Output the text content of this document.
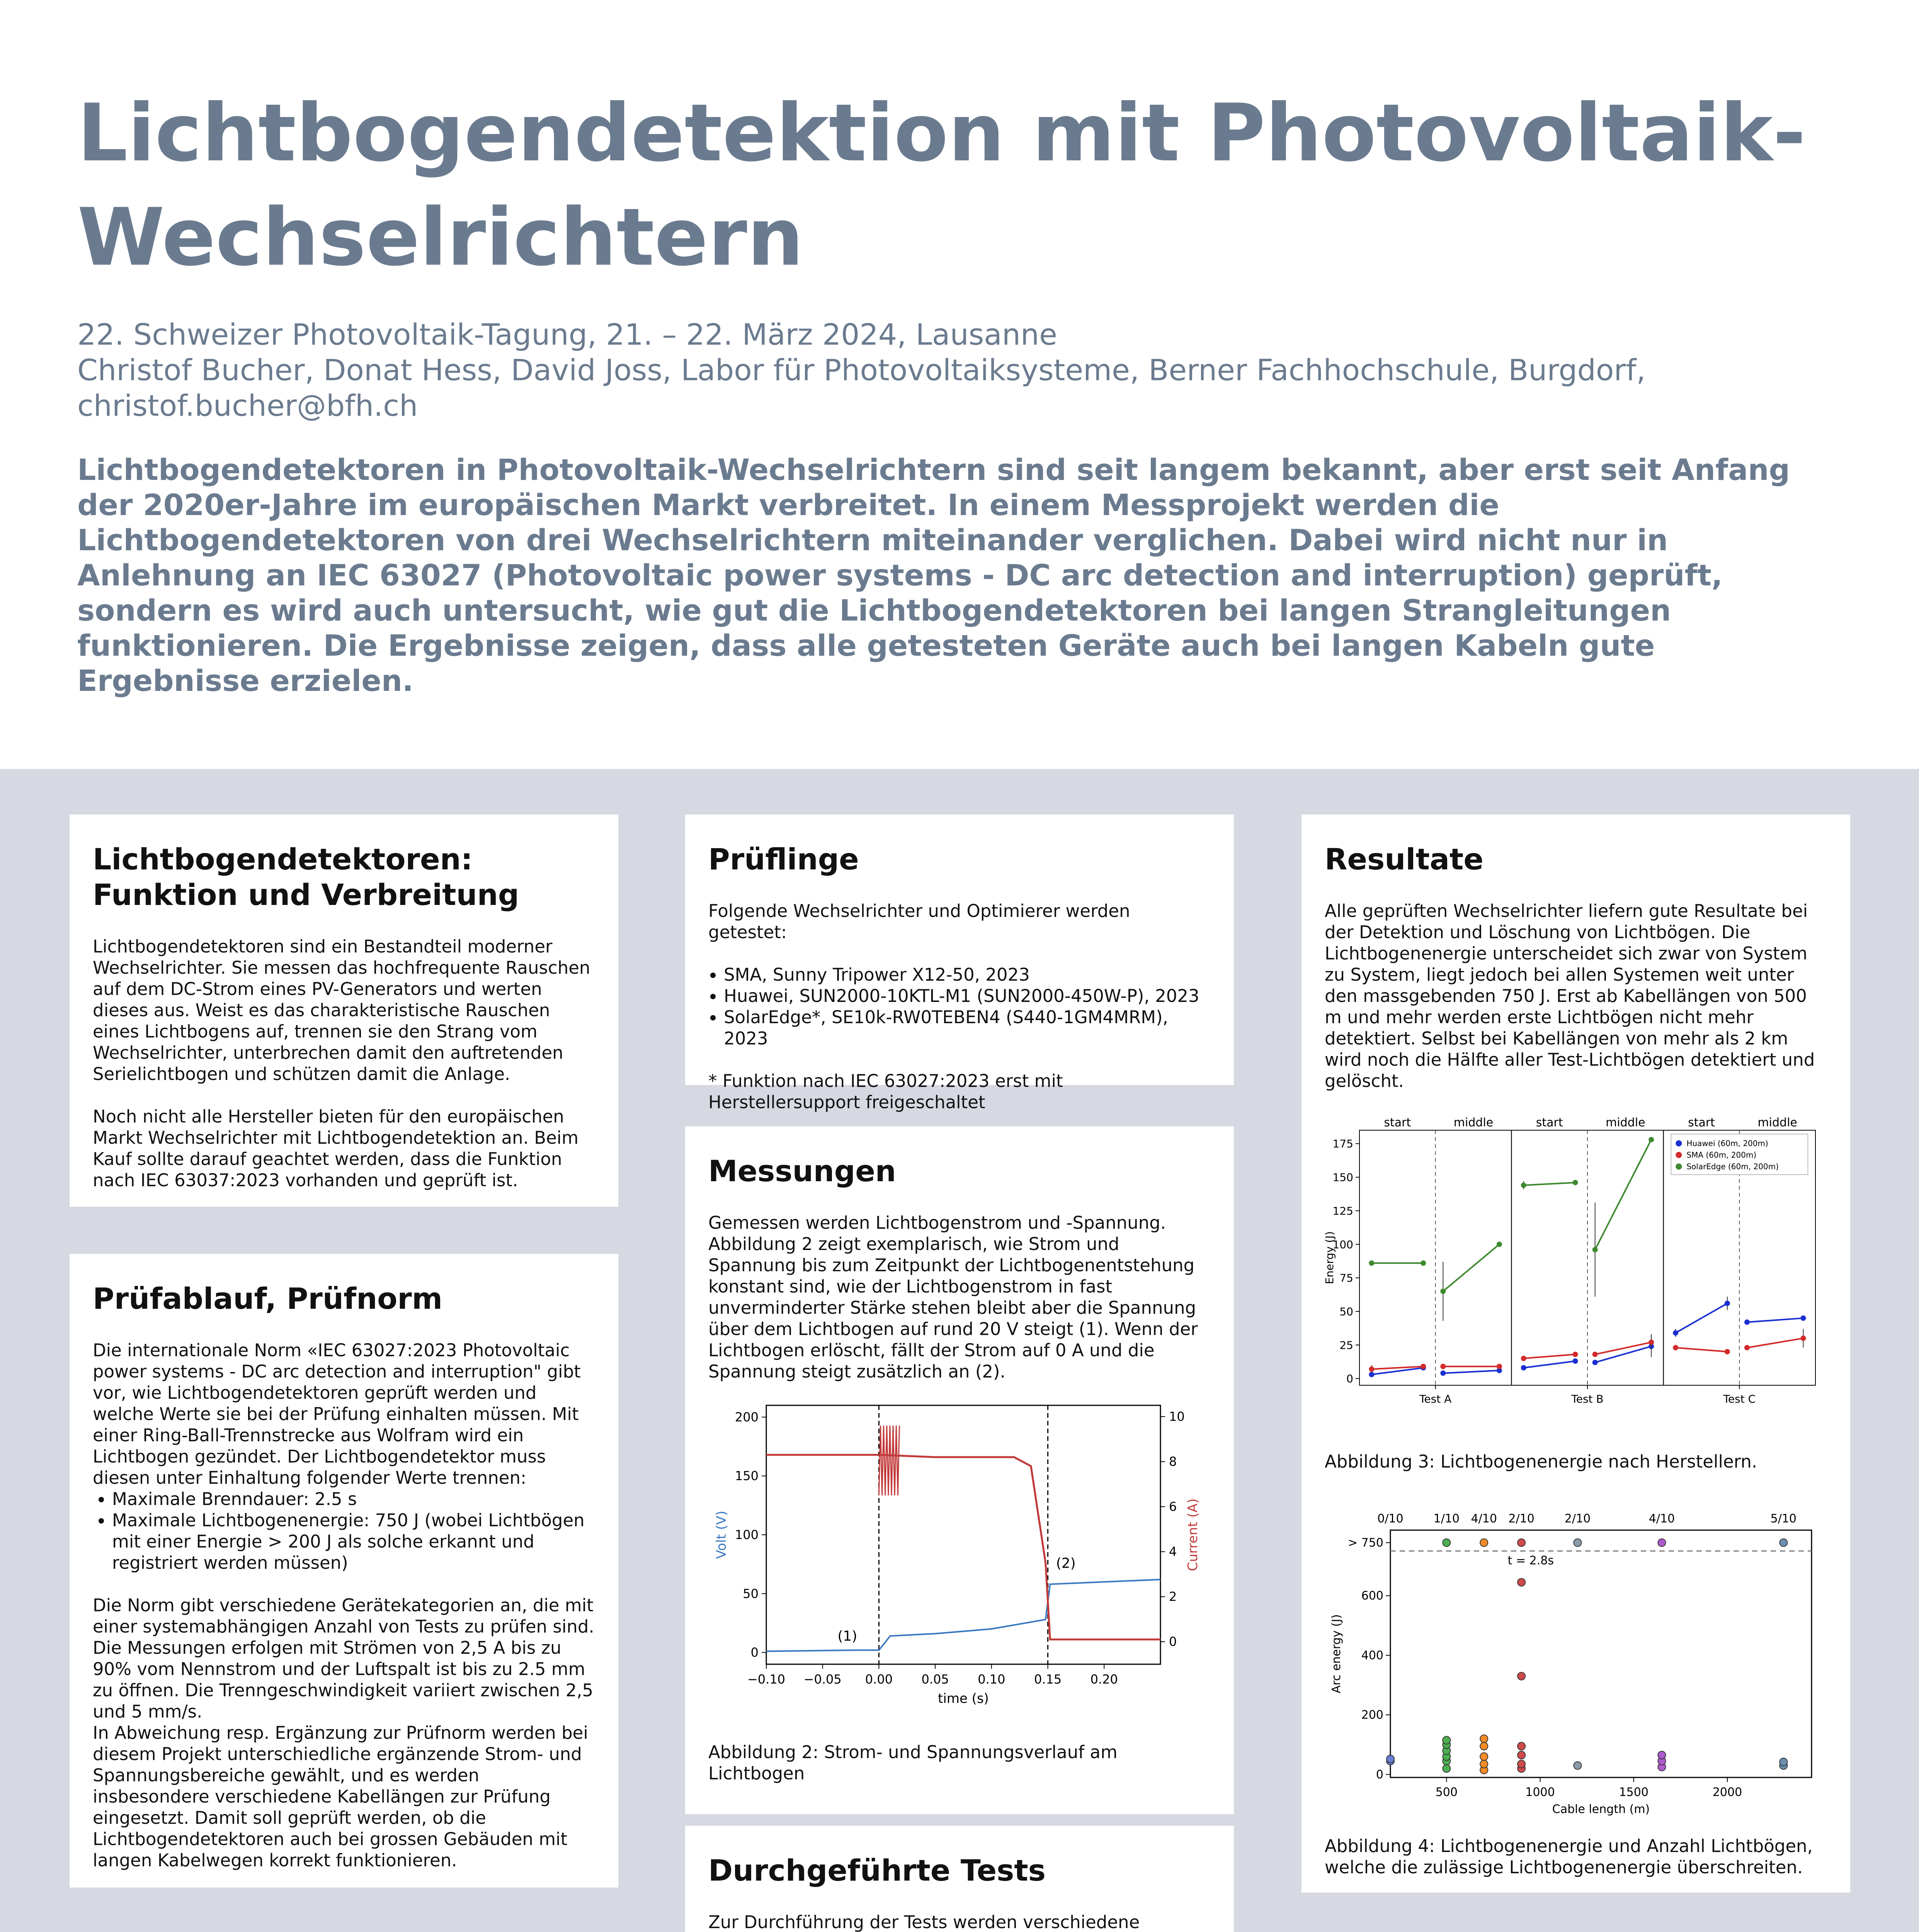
Lichtbogendetektion mit Photovoltaik-Wechselrichtern
22. Schweizer Photovoltaik-Tagung, 21. – 22. März 2024, Lausanne
Christof Bucher, Donat Hess, David Joss, Labor für Photovoltaiksysteme, Berner Fachhochschule, Burgdorf,
christof.bucher@bfh.ch
Lichtbogendetektoren in Photovoltaik-Wechselrichtern sind seit langem bekannt, aber erst seit Anfang der 2020er-Jahre im europäischen Markt verbreitet. In einem Messprojekt werden die Lichtbogendetektoren von drei Wechselrichtern miteinander verglichen. Dabei wird nicht nur in Anlehnung an IEC 63027 (Photovoltaic power systems - DC arc detection and interruption) geprüft, sondern es wird auch untersucht, wie gut die Lichtbogendetektoren bei langen Strangleitungen funktionieren. Die Ergebnisse zeigen, dass alle getesteten Geräte auch bei langen Kabeln gute Ergebnisse erzielen.
Lichtbogendetektoren: Funktion und Verbreitung

Lichtbogendetektoren sind ein Bestandteil moderner Wechselrichter. Sie messen das hochfrequente Rauschen auf dem DC-Strom eines PV-Generators und werten dieses aus. Weist es das charakteristische Rauschen eines Lichtbogens auf, trennen sie den Strang vom Wechselrichter, unterbrechen damit den auftretenden Serielichtbogen und schützen damit die Anlage.

Noch nicht alle Hersteller bieten für den europäischen Markt Wechselrichter mit Lichtbogendetektion an. Beim Kauf sollte darauf geachtet werden, dass die Funktion nach IEC 63037:2023 vorhanden und geprüft ist.

Prüfablauf, Prüfnorm

Die internationale Norm «IEC 63027:2023 Photovoltaic power systems - DC arc detection and interruption" gibt vor, wie Lichtbogendetektoren geprüft werden und welche Werte sie bei der Prüfung einhalten müssen. Mit einer Ring-Ball-Trennstrecke aus Wolfram wird ein Lichtbogen gezündet. Der Lichtbogendetektor muss diesen unter Einhaltung folgender Werte trennen:

• Maximale Brenndauer: 2.5 s
• Maximale Lichtbogenenergie: 750 J (wobei Lichtbögen mit einer Energie > 200 J als solche erkannt und registriert werden müssen)

Die Norm gibt verschiedene Gerätekategorien an, die mit einer systemabhängigen Anzahl von Tests zu prüfen sind. Die Messungen erfolgen mit Strömen von 2,5 A bis zu 90% vom Nennstrom und der Luftspalt ist bis zu 2.5 mm zu öffnen. Die Trenngeschwindigkeit variiert zwischen 2,5 und 5 mm/s.

In Abweichung resp. Ergänzung zur Prüfnorm werden bei diesem Projekt unterschiedliche ergänzende Strom- und Spannungsbereiche gewählt, und es werden insbesondere verschiedene Kabellängen zur Prüfung eingesetzt. Damit soll geprüft werden, ob die Lichtbogendetektoren auch bei grossen Gebäuden mit langen Kabelwegen korrekt funktionieren.

Prüflinge

Folgende Wechselrichter und Optimierer werden getestet:

• SMA, Sunny Tripower X12-50, 2023
• Huawei, SUN2000-10KTL-M1 (SUN2000-450W-P), 2023
• SolarEdge*, SE10k-RW0TEBEN4 (S440-1GM4MRM), 2023

* Funktion nach IEC 63027:2023 erst mit Herstellersupport freigeschaltet

Messungen

Gemessen werden Lichtbogenstrom und -Spannung. Abbildung 2 zeigt exemplarisch, wie Strom und Spannung bis zum Zeitpunkt der Lichtbogenentstehung konstant sind, wie der Lichtbogenstrom in fast unverminderter Stärke stehen bleibt aber die Spannung über dem Lichtbogen auf rund 20 V steigt (1). Wenn der Lichtbogen erlöscht, fällt der Strom auf 0 A und die Spannung steigt zusätzlich an (2).

−0.10 −0.05 0.00 0.05 0.10 0.15 0.20
0
50
100
150
200
0
2
4
6
8
10
time (s)
Volt (V)	Current (A)
(1)
(2)

Abbildung 2: Strom- und Spannungsverlauf am Lichtbogen

Durchgeführte Tests

Zur Durchführung der Tests werden verschiedene

Resultate

Alle geprüften Wechselrichter liefern gute Resultate bei der Detektion und Löschung von Lichtbögen. Die Lichtbogenenergie unterscheidet sich zwar von System zu System, liegt jedoch bei allen Systemen weit unter den massgebenden 750 J. Erst ab Kabellängen von 500 m und mehr werden erste Lichtbögen nicht mehr detektiert. Selbst bei Kabellängen von mehr als 2 km wird noch die Hälfte aller Test-Lichtbögen detektiert und gelöscht.

0
25
50
75
100
125
150
175
Energy (J)
start	middle
Test A
start	middle
Test B
start	middle
Test C
Huawei (60m, 200m)
SMA (60m, 200m)
SolarEdge (60m, 200m)

Abbildung 3: Lichtbogenenergie nach Herstellern.

500	1000	1500	2000
0
200
400
600
> 750
Cable length (m)
Arc energy (J)
t = 2.8s
0/10	1/10 4/10 2/10	2/10	4/10	5/10

Abbildung 4: Lichtbogenenergie und Anzahl Lichtbögen, welche die zulässige Lichtbogenenergie überschreiten.
